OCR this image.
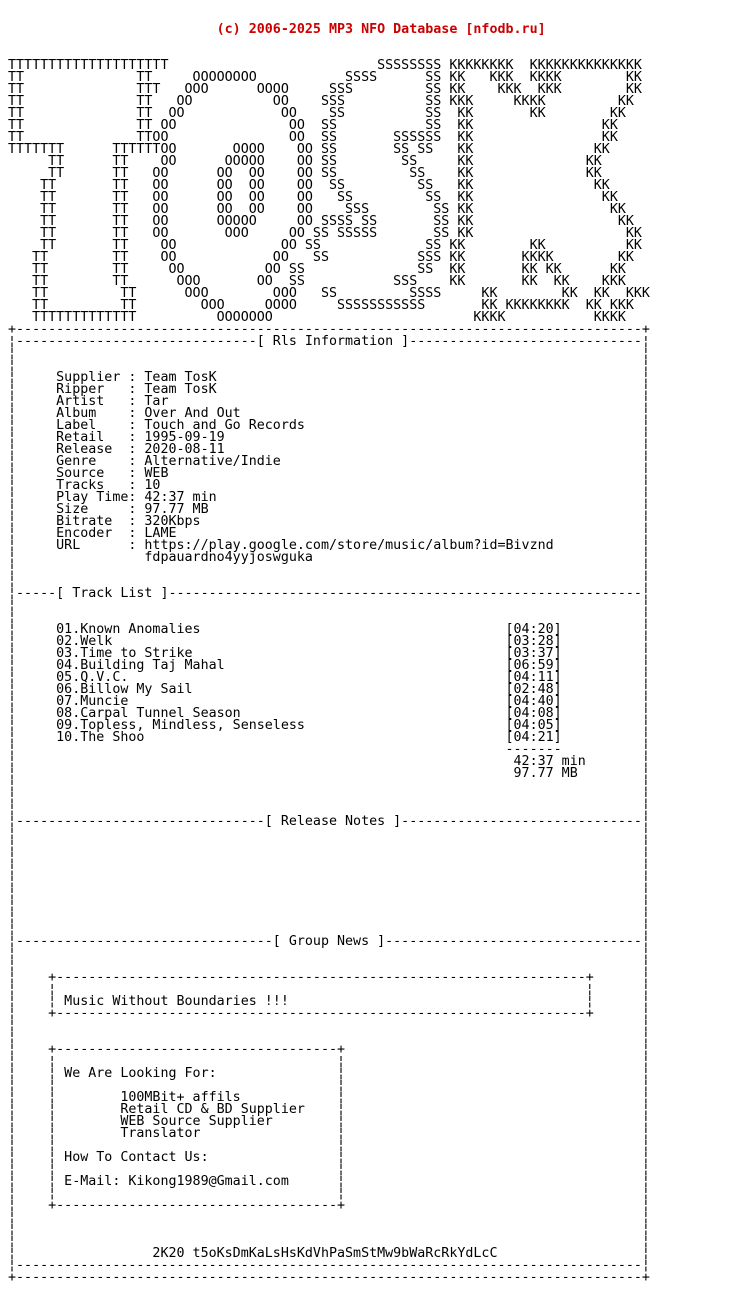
(c) 2006-2025 MP3 NFO Database [nfodb.ru]

TTTTTTTTTTTTTTTTTTTT                          SSSSSSSS KKKKKKKK  KKKKKKKKKKKKKK
TT              TT     OOOOOOOO           SSSS      SS KK   KKK  KKKK        KK
TT              TTT   OOO      OOOO     SSS         SS KK    KKK  KKK        KK
TT              TT   OO          OO    SSS          SS KKK     KKKK         KK
TT              TT  OO            OO    SS          SS  KK       KK        KK
TT              TT OO              OO  SS           SS  KK                KK
TT              TTOO               OO  SS       SSSSSS  KK                KK
TTTTTTT      TTTTTTOO       OOOO    OO SS       SS SS   KK               KK
TT      TT    OO      OOOOO    OO SS        SS     KK              KK
TT      TT   OO      OO  OO    OO SS         SS    KK              KK
TT       TT   OO      OO  OO    OO  SS         SS   KK               KK
TT       TT   OO      OO  OO    OO   SS         SS  KK                KK
TT       TT   OO      OO  OO    OO    SSS        SS KK                 KK
TT       TT   OO      OOOOO     OO SSSS SS       SS KK                  KK
TT       TT   OO       OOO     OO SS SSSSS       SS KK                   KK
TT       TT    OO             OO SS             SS KK        KK          KK
TT        TT    OO            OO   SS           SSS KK       KKKK        KK
TT        TT     OO          OO SS              SS  KK       KK KK      KK
TT        TT      OOO       OO  SS           SSS    KK       KK  KK    KKK
TT         TT      OOO        OOO   SS         SSSS     KK        KK  KK  KKK
TT         TT        OOO     OOOO     SSSSSSSSSSS       KK KKKKKKKK  KK KKK
TTTTTTTTTTTTT          OOOOOOO                         KKKK           KKKK
+------------------------------------------------------------------------------+
¦------------------------------[ Rls Information ]-----------------------------¦
¦                                                                              ¦
¦                                                                              ¦
¦     Supplier : Team TosK                                                     ¦
¦     Ripper   : Team TosK                                                     ¦
¦     Artist   : Tar                                                           ¦
¦     Album    : Over And Out                                                  ¦
¦     Label    : Touch and Go Records                                          ¦
¦     Retail   : 1995-09-19                                                    ¦
¦     Release  : 2020-08-11                                                    ¦
¦     Genre    : Alternative/Indie                                             ¦
¦     Source   : WEB                                                           ¦
¦     Tracks   : 10                                                            ¦
¦     Play Time: 42:37 min                                                     ¦
¦     Size     : 97.77 MB                                                      ¦
¦     Bitrate  : 320Kbps                                                       ¦
¦     Encoder  : LAME                                                          ¦
¦     URL      : https://play.google.com/store/music/album?id=Bivznd           ¦
¦                fdpauardno4yyjoswguka                                         ¦
¦                                                                              ¦
¦                                                                              ¦
¦-----[ Track List ]-----------------------------------------------------------¦
¦                                                                              ¦
¦                                                                              ¦
¦     01.Known Anomalies                                      [04:20]          ¦
¦     02.Welk                                                 [03:28]          ¦
¦     03.Time to Strike                                       [03:37]          ¦
¦     04.Building Taj Mahal                                   [06:59]          ¦
¦     05.Q.V.C.                                               [04:11]          ¦
¦     06.Billow My Sail                                       [02:48]          ¦
¦     07.Muncie                                               [04:40]          ¦
¦     08.Carpal Tunnel Season                                 [04:08]          ¦
¦     09.Topless, Mindless, Senseless                         [04:05]          ¦
¦     10.The Shoo                                             [04:21]          ¦
¦                                                             -------          ¦
¦                                                              42:37 min       ¦
¦                                                              97.77 MB        ¦
¦                                                                              ¦
¦                                                                              ¦
¦                                                                              ¦
¦-------------------------------[ Release Notes ]------------------------------¦
¦                                                                              ¦
¦                                                                              ¦
¦                                                                              ¦
¦                                                                              ¦
¦                                                                              ¦
¦                                                                              ¦
¦                                                                              ¦
¦                                                                              ¦
¦                                                                              ¦
¦--------------------------------[ Group News ]--------------------------------¦
¦                                                                              ¦
¦                                                                              ¦
¦    +------------------------------------------------------------------+      ¦
¦    ¦                                                                  ¦      ¦
¦    ¦ Music Without Boundaries !!!                                     ¦      ¦
¦    +------------------------------------------------------------------+      ¦
¦                                                                              ¦
¦                                                                              ¦
¦    +-----------------------------------+                                     ¦
¦    ¦                                   ¦                                     ¦
¦    ¦ We Are Looking For:               ¦                                     ¦
¦    ¦                                   ¦                                     ¦
¦    ¦        100MBit+ affils            ¦                                     ¦
¦    ¦        Retail CD & BD Supplier    ¦                                     ¦
¦    ¦        WEB Source Supplier        ¦                                     ¦
¦    ¦        Translator                 ¦                                     ¦
¦    ¦                                   ¦                                     ¦
¦    ¦ How To Contact Us:                ¦                                     ¦
¦    ¦                                   ¦                                     ¦
¦    ¦ E-Mail: Kikong1989@Gmail.com      ¦                                     ¦
¦    ¦                                   ¦                                     ¦
¦    +-----------------------------------+                                     ¦
¦                                                                              ¦
¦                                                                              ¦
¦                                                                              ¦
¦                 2K20 t5oKsDmKaLsHsKdVhPaSmStMw9bWaRcRkYdLcC                  ¦
¦------------------------------------------------------------------------------¦
+------------------------------------------------------------------------------+
